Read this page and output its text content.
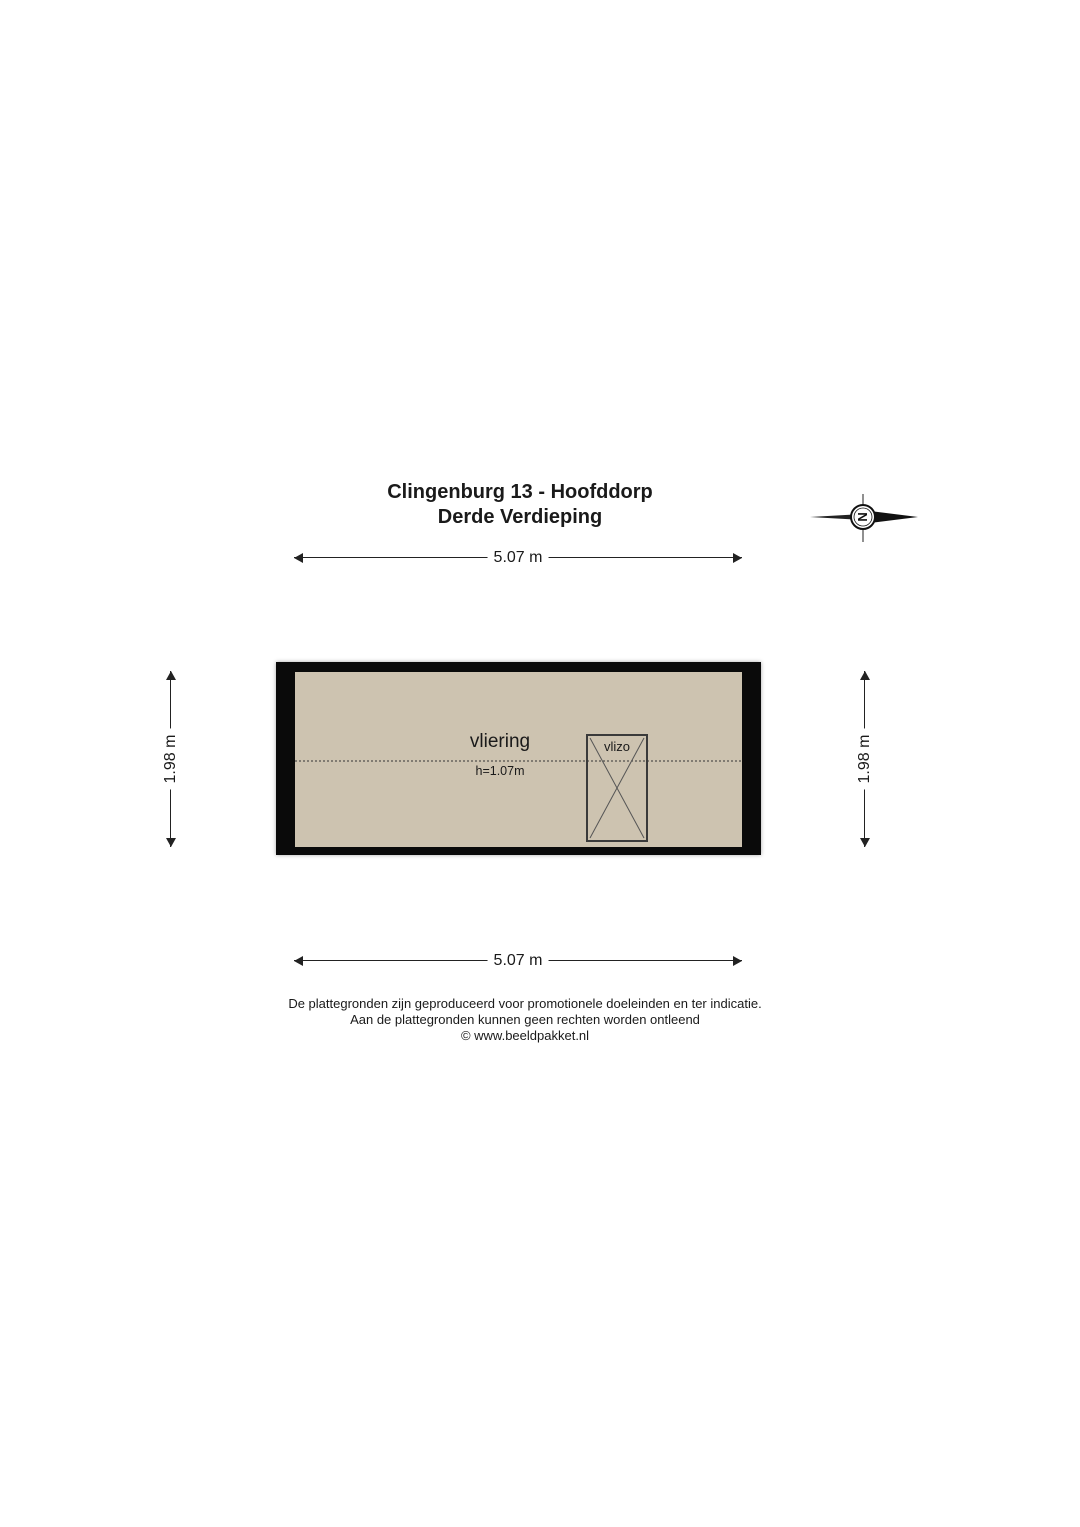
Clingenburg 13 - Hoofddorp
Derde Verdieping	N
5.07 m
1.98 m	1.98 m
vliering
h=1.07m
vlizo
5.07 m
De plattegronden zijn geproduceerd voor promotionele doeleinden en ter indicatie.
Aan de plattegronden kunnen geen rechten worden ontleend
© www.beeldpakket.nl
